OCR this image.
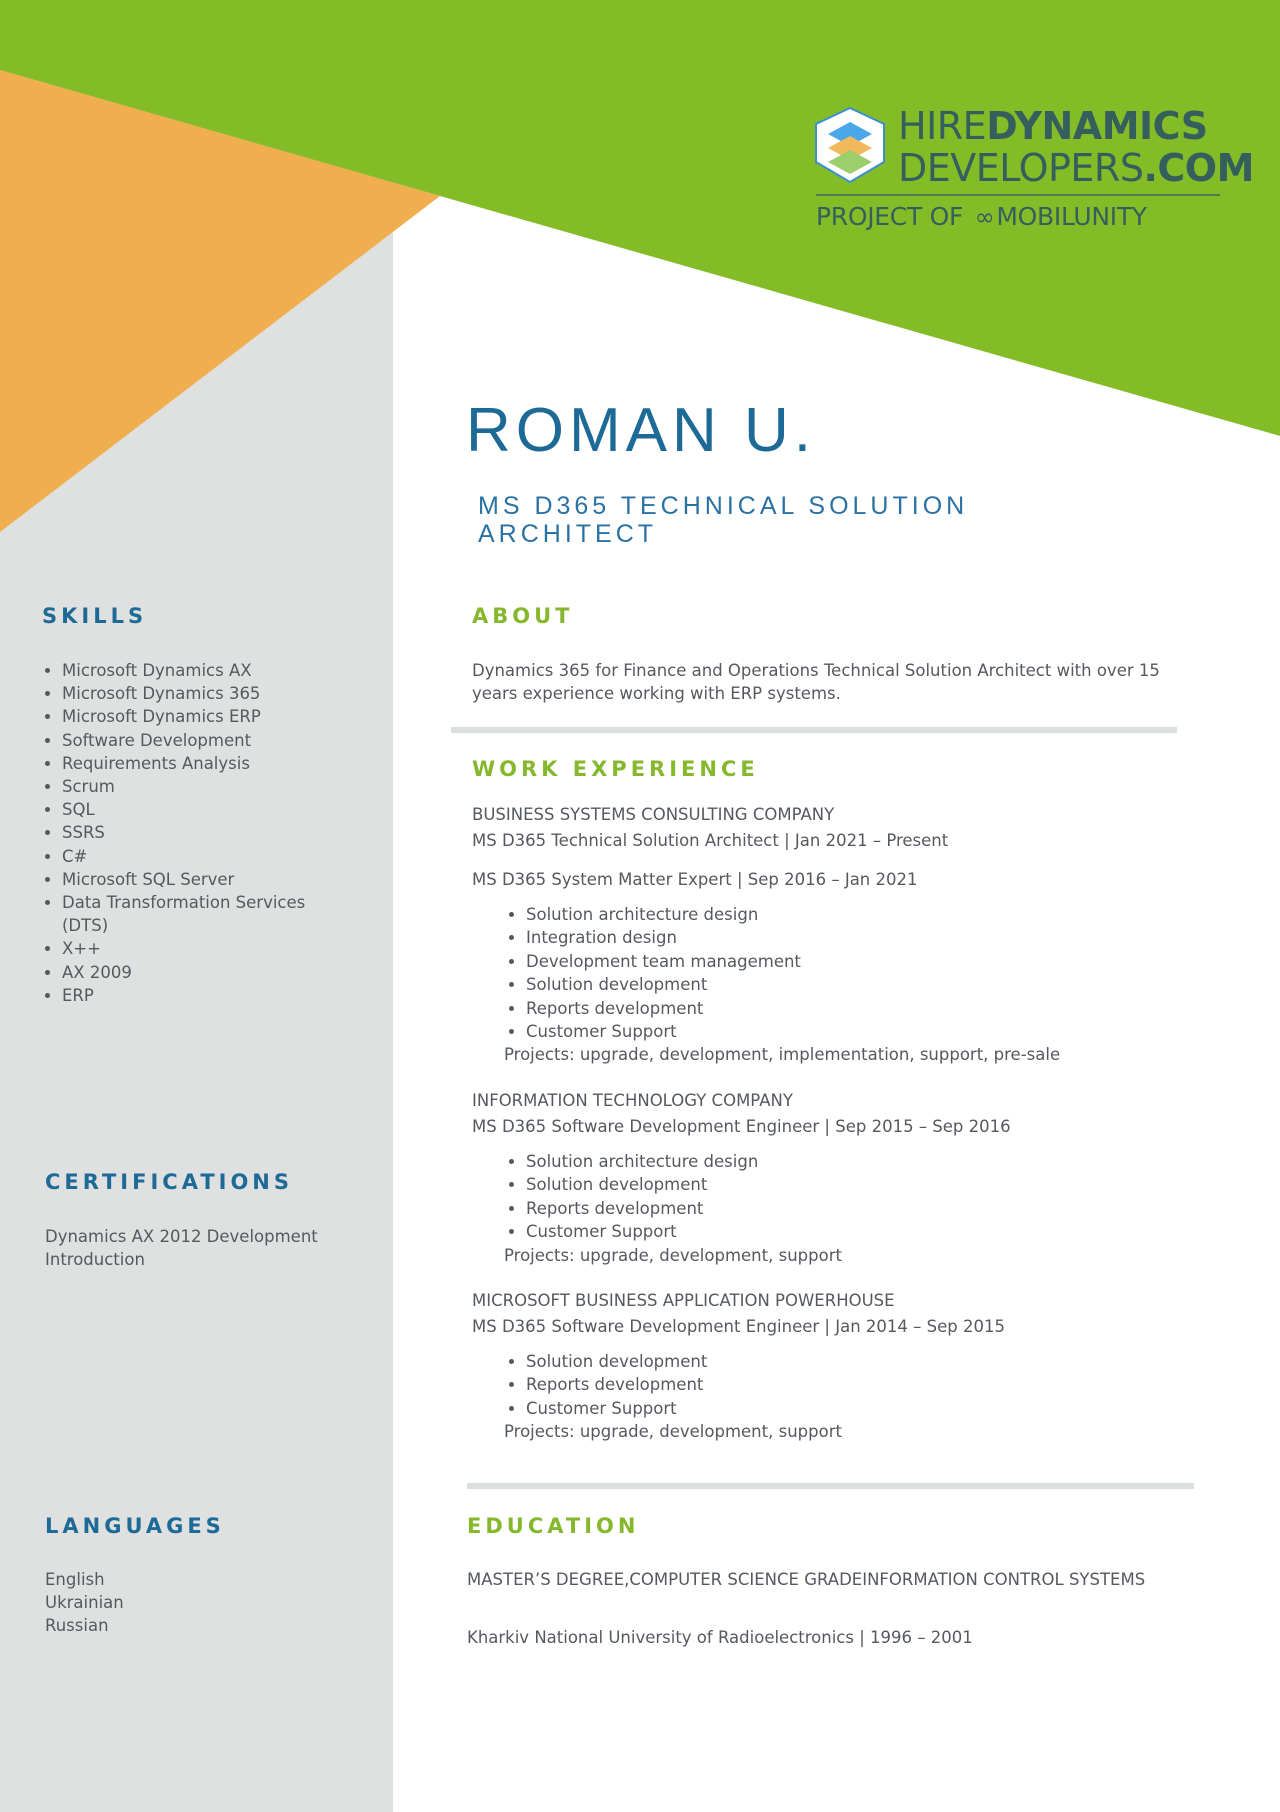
HIREDYNAMICS
DEVELOPERS.COM
PROJECT OF ∞MOBILUNITY
ROMAN U.
MS D365 TECHNICAL SOLUTION ARCHITECT
SKILLS
• Microsoft Dynamics AX
• Microsoft Dynamics 365
• Microsoft Dynamics ERP
• Software Development
• Requirements Analysis
• Scrum
• SQL
• SSRS
• C#
• Microsoft SQL Server
• Data Transformation Services (DTS)
• X++
• AX 2009
• ERP
CERTIFICATIONS
Dynamics AX 2012 Development Introduction
LANGUAGES
English
Ukrainian
Russian
ABOUT
Dynamics 365 for Finance and Operations Technical Solution Architect with over 15 years experience working with ERP systems.
WORK EXPERIENCE
BUSINESS SYSTEMS CONSULTING COMPANY
MS D365 Technical Solution Architect | Jan 2021 – Present
MS D365 System Matter Expert | Sep 2016 – Jan 2021
• Solution architecture design
• Integration design
• Development team management
• Solution development
• Reports development
• Customer Support
Projects: upgrade, development, implementation, support, pre-sale
INFORMATION TECHNOLOGY COMPANY
MS D365 Software Development Engineer | Sep 2015 – Sep 2016
• Solution architecture design
• Solution development
• Reports development
• Customer Support
Projects: upgrade, development, support
MICROSOFT BUSINESS APPLICATION POWERHOUSE
MS D365 Software Development Engineer | Jan 2014 – Sep 2015
• Solution development
• Reports development
• Customer Support
Projects: upgrade, development, support
EDUCATION
MASTER’S DEGREE,COMPUTER SCIENCE GRADEINFORMATION CONTROL SYSTEMS
Kharkiv National University of Radioelectronics | 1996 – 2001
